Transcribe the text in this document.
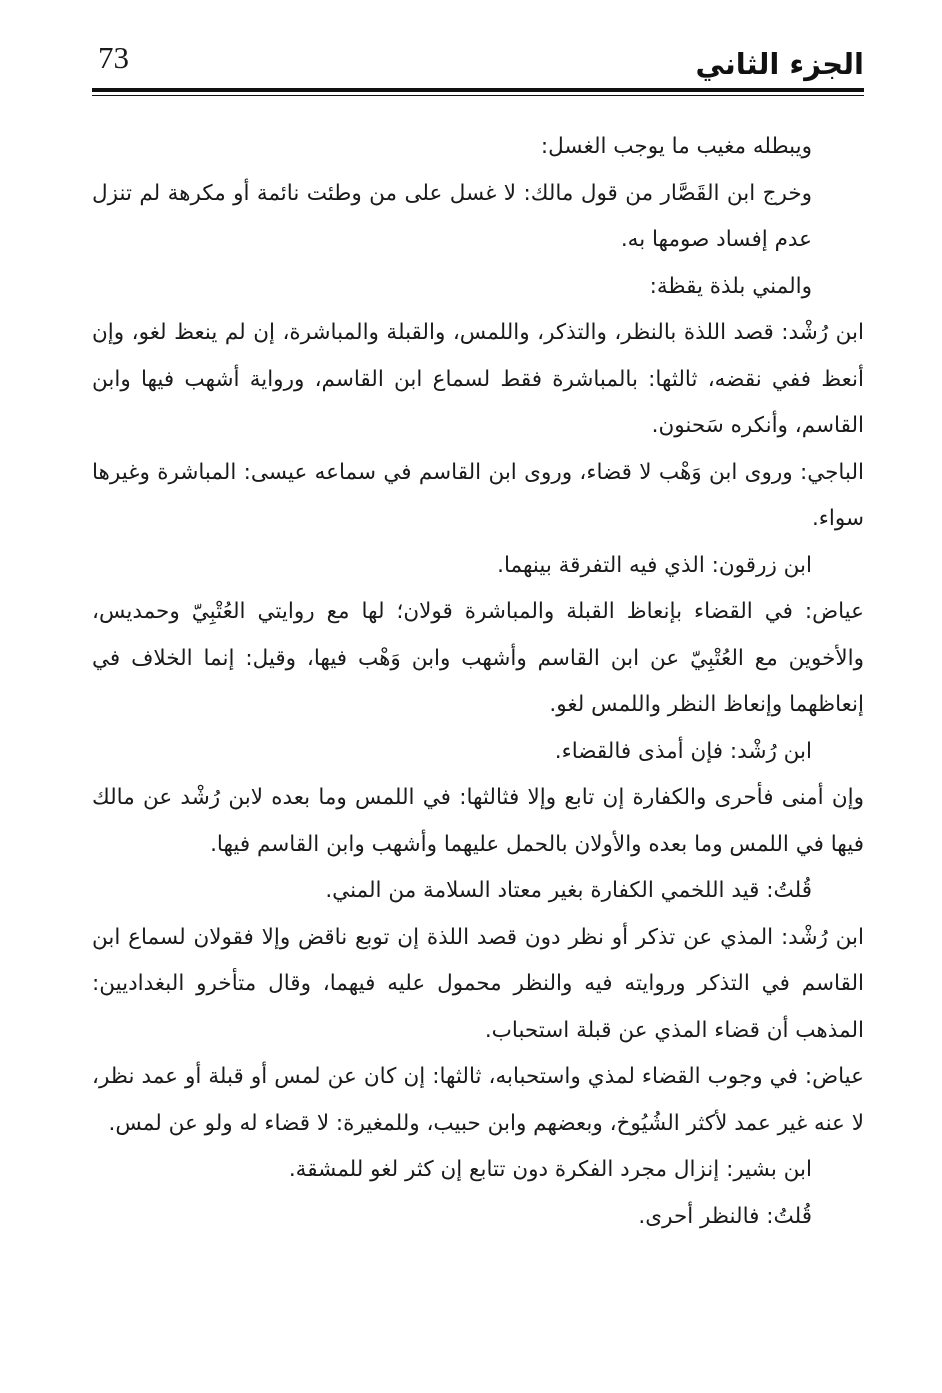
73	الجزء الثاني

ويبطله مغيب ما يوجب الغسل:

وخرج ابن القَصَّار من قول مالك: لا غسل على من وطئت نائمة أو مكرهة لم تنزل عدم إفساد صومها به.

والمني بلذة يقظة:

ابن رُشْد: قصد اللذة بالنظر، والتذكر، واللمس، والقبلة والمباشرة، إن لم ينعظ لغو، وإن أنعظ ففي نقضه، ثالثها: بالمباشرة فقط لسماع ابن القاسم، ورواية أشهب فيها وابن القاسم، وأنكره سَحنون.

الباجي: وروى ابن وَهْب لا قضاء، وروى ابن القاسم في سماعه عيسى: المباشرة وغيرها سواء.

ابن زرقون: الذي فيه التفرقة بينهما.

عياض: في القضاء بإنعاظ القبلة والمباشرة قولان؛ لها مع روايتي العُتْبِيّ وحمديس، والأخوين مع العُتْبِيّ عن ابن القاسم وأشهب وابن وَهْب فيها، وقيل: إنما الخلاف في إنعاظهما وإنعاظ النظر واللمس لغو.

ابن رُشْد: فإن أمذى فالقضاء.

وإن أمنى فأحرى والكفارة إن تابع وإلا فثالثها: في اللمس وما بعده لابن رُشْد عن مالك فيها في اللمس وما بعده والأولان بالحمل عليهما وأشهب وابن القاسم فيها.

قُلتُ: قيد اللخمي الكفارة بغير معتاد السلامة من المني.

ابن رُشْد: المذي عن تذكر أو نظر دون قصد اللذة إن توبع ناقض وإلا فقولان لسماع ابن القاسم في التذكر وروايته فيه والنظر محمول عليه فيهما، وقال متأخرو البغداديين: المذهب أن قضاء المذي عن قبلة استحباب.

عياض: في وجوب القضاء لمذي واستحبابه، ثالثها: إن كان عن لمس أو قبلة أو عمد نظر، لا عنه غير عمد لأكثر الشُيُوخ، وبعضهم وابن حبيب، وللمغيرة: لا قضاء له ولو عن لمس.

ابن بشير: إنزال مجرد الفكرة دون تتابع إن كثر لغو للمشقة.

قُلتُ: فالنظر أحرى.
